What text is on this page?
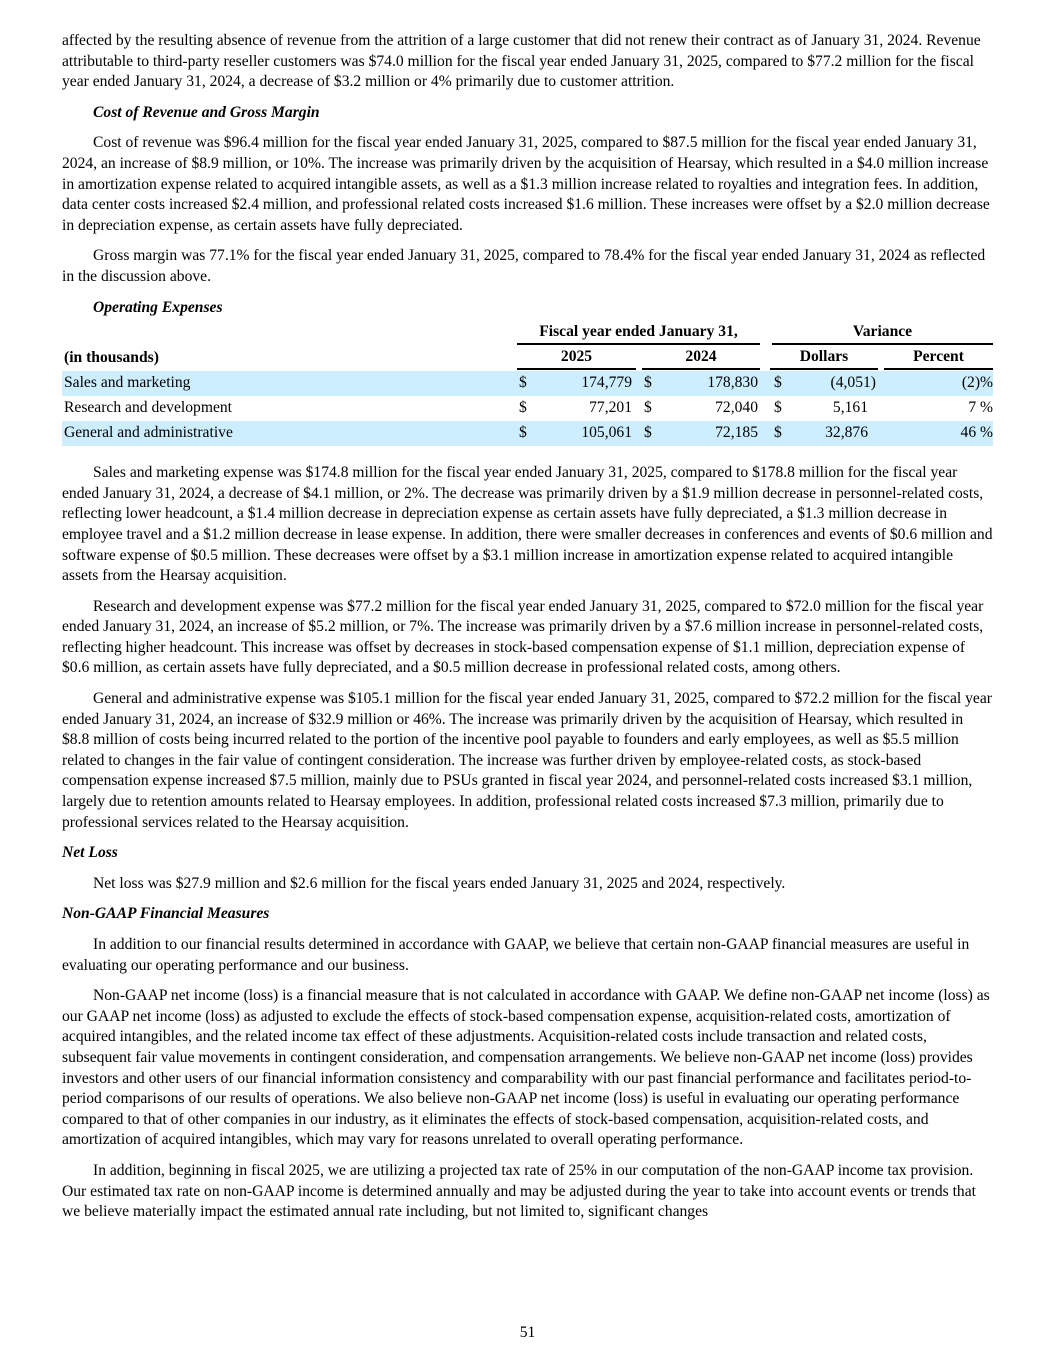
affected by the resulting absence of revenue from the attrition of a large customer that did not renew their contract as of January 31, 2024. Revenue attributable to third-party reseller customers was $74.0 million for the fiscal year ended January 31, 2025, compared to $77.2 million for the fiscal year ended January 31, 2024, a decrease of $3.2 million or 4% primarily due to customer attrition.

Cost of Revenue and Gross Margin

Cost of revenue was $96.4 million for the fiscal year ended January 31, 2025, compared to $87.5 million for the fiscal year ended January 31, 2024, an increase of $8.9 million, or 10%. The increase was primarily driven by the acquisition of Hearsay, which resulted in a $4.0 million increase in amortization expense related to acquired intangible assets, as well as a $1.3 million increase related to royalties and integration fees. In addition, data center costs increased $2.4 million, and professional related costs increased $1.6 million. These increases were offset by a $2.0 million decrease in depreciation expense, as certain assets have fully depreciated.

Gross margin was 77.1% for the fiscal year ended January 31, 2025, compared to 78.4% for the fiscal year ended January 31, 2024 as reflected in the discussion above.

Operating Expenses

	Fiscal year ended January 31,		Variance	

(in thousands)	2025	2024	Dollars	Percent

Sales and marketing	$ 174,779	$ 178,830	$ (4,051)	(2)%
Research and development	$ 77,201	$ 72,040	$ 5,161	7 %
General and administrative	$ 105,061	$ 72,185	$ 32,876	46 %

Sales and marketing expense was $174.8 million for the fiscal year ended January 31, 2025, compared to $178.8 million for the fiscal year ended January 31, 2024, a decrease of $4.1 million, or 2%. The decrease was primarily driven by a $1.9 million decrease in personnel-related costs, reflecting lower headcount, a $1.4 million decrease in depreciation expense as certain assets have fully depreciated, a $1.3 million decrease in employee travel and a $1.2 million decrease in lease expense. In addition, there were smaller decreases in conferences and events of $0.6 million and software expense of $0.5 million. These decreases were offset by a $3.1 million increase in amortization expense related to acquired intangible assets from the Hearsay acquisition.

Research and development expense was $77.2 million for the fiscal year ended January 31, 2025, compared to $72.0 million for the fiscal year ended January 31, 2024, an increase of $5.2 million, or 7%. The increase was primarily driven by a $7.6 million increase in personnel-related costs, reflecting higher headcount. This increase was offset by decreases in stock-based compensation expense of $1.1 million, depreciation expense of $0.6 million, as certain assets have fully depreciated, and a $0.5 million decrease in professional related costs, among others.

General and administrative expense was $105.1 million for the fiscal year ended January 31, 2025, compared to $72.2 million for the fiscal year ended January 31, 2024, an increase of $32.9 million or 46%. The increase was primarily driven by the acquisition of Hearsay, which resulted in $8.8 million of costs being incurred related to the portion of the incentive pool payable to founders and early employees, as well as $5.5 million related to changes in the fair value of contingent consideration. The increase was further driven by employee-related costs, as stock-based compensation expense increased $7.5 million, mainly due to PSUs granted in fiscal year 2024, and personnel-related costs increased $3.1 million, largely due to retention amounts related to Hearsay employees. In addition, professional related costs increased $7.3 million, primarily due to professional services related to the Hearsay acquisition.

Net Loss

Net loss was $27.9 million and $2.6 million for the fiscal years ended January 31, 2025 and 2024, respectively.

Non-GAAP Financial Measures

In addition to our financial results determined in accordance with GAAP, we believe that certain non-GAAP financial measures are useful in evaluating our operating performance and our business.

Non-GAAP net income (loss) is a financial measure that is not calculated in accordance with GAAP. We define non-GAAP net income (loss) as our GAAP net income (loss) as adjusted to exclude the effects of stock-based compensation expense, acquisition-related costs, amortization of acquired intangibles, and the related income tax effect of these adjustments. Acquisition-related costs include transaction and related costs, subsequent fair value movements in contingent consideration, and compensation arrangements. We believe non-GAAP net income (loss) provides investors and other users of our financial information consistency and comparability with our past financial performance and facilitates period-to-period comparisons of our results of operations. We also believe non-GAAP net income (loss) is useful in evaluating our operating performance compared to that of other companies in our industry, as it eliminates the effects of stock-based compensation, acquisition-related costs, and amortization of acquired intangibles, which may vary for reasons unrelated to overall operating performance.

In addition, beginning in fiscal 2025, we are utilizing a projected tax rate of 25% in our computation of the non-GAAP income tax provision. Our estimated tax rate on non-GAAP income is determined annually and may be adjusted during the year to take into account events or trends that we believe materially impact the estimated annual rate including, but not limited to, significant changes

51
